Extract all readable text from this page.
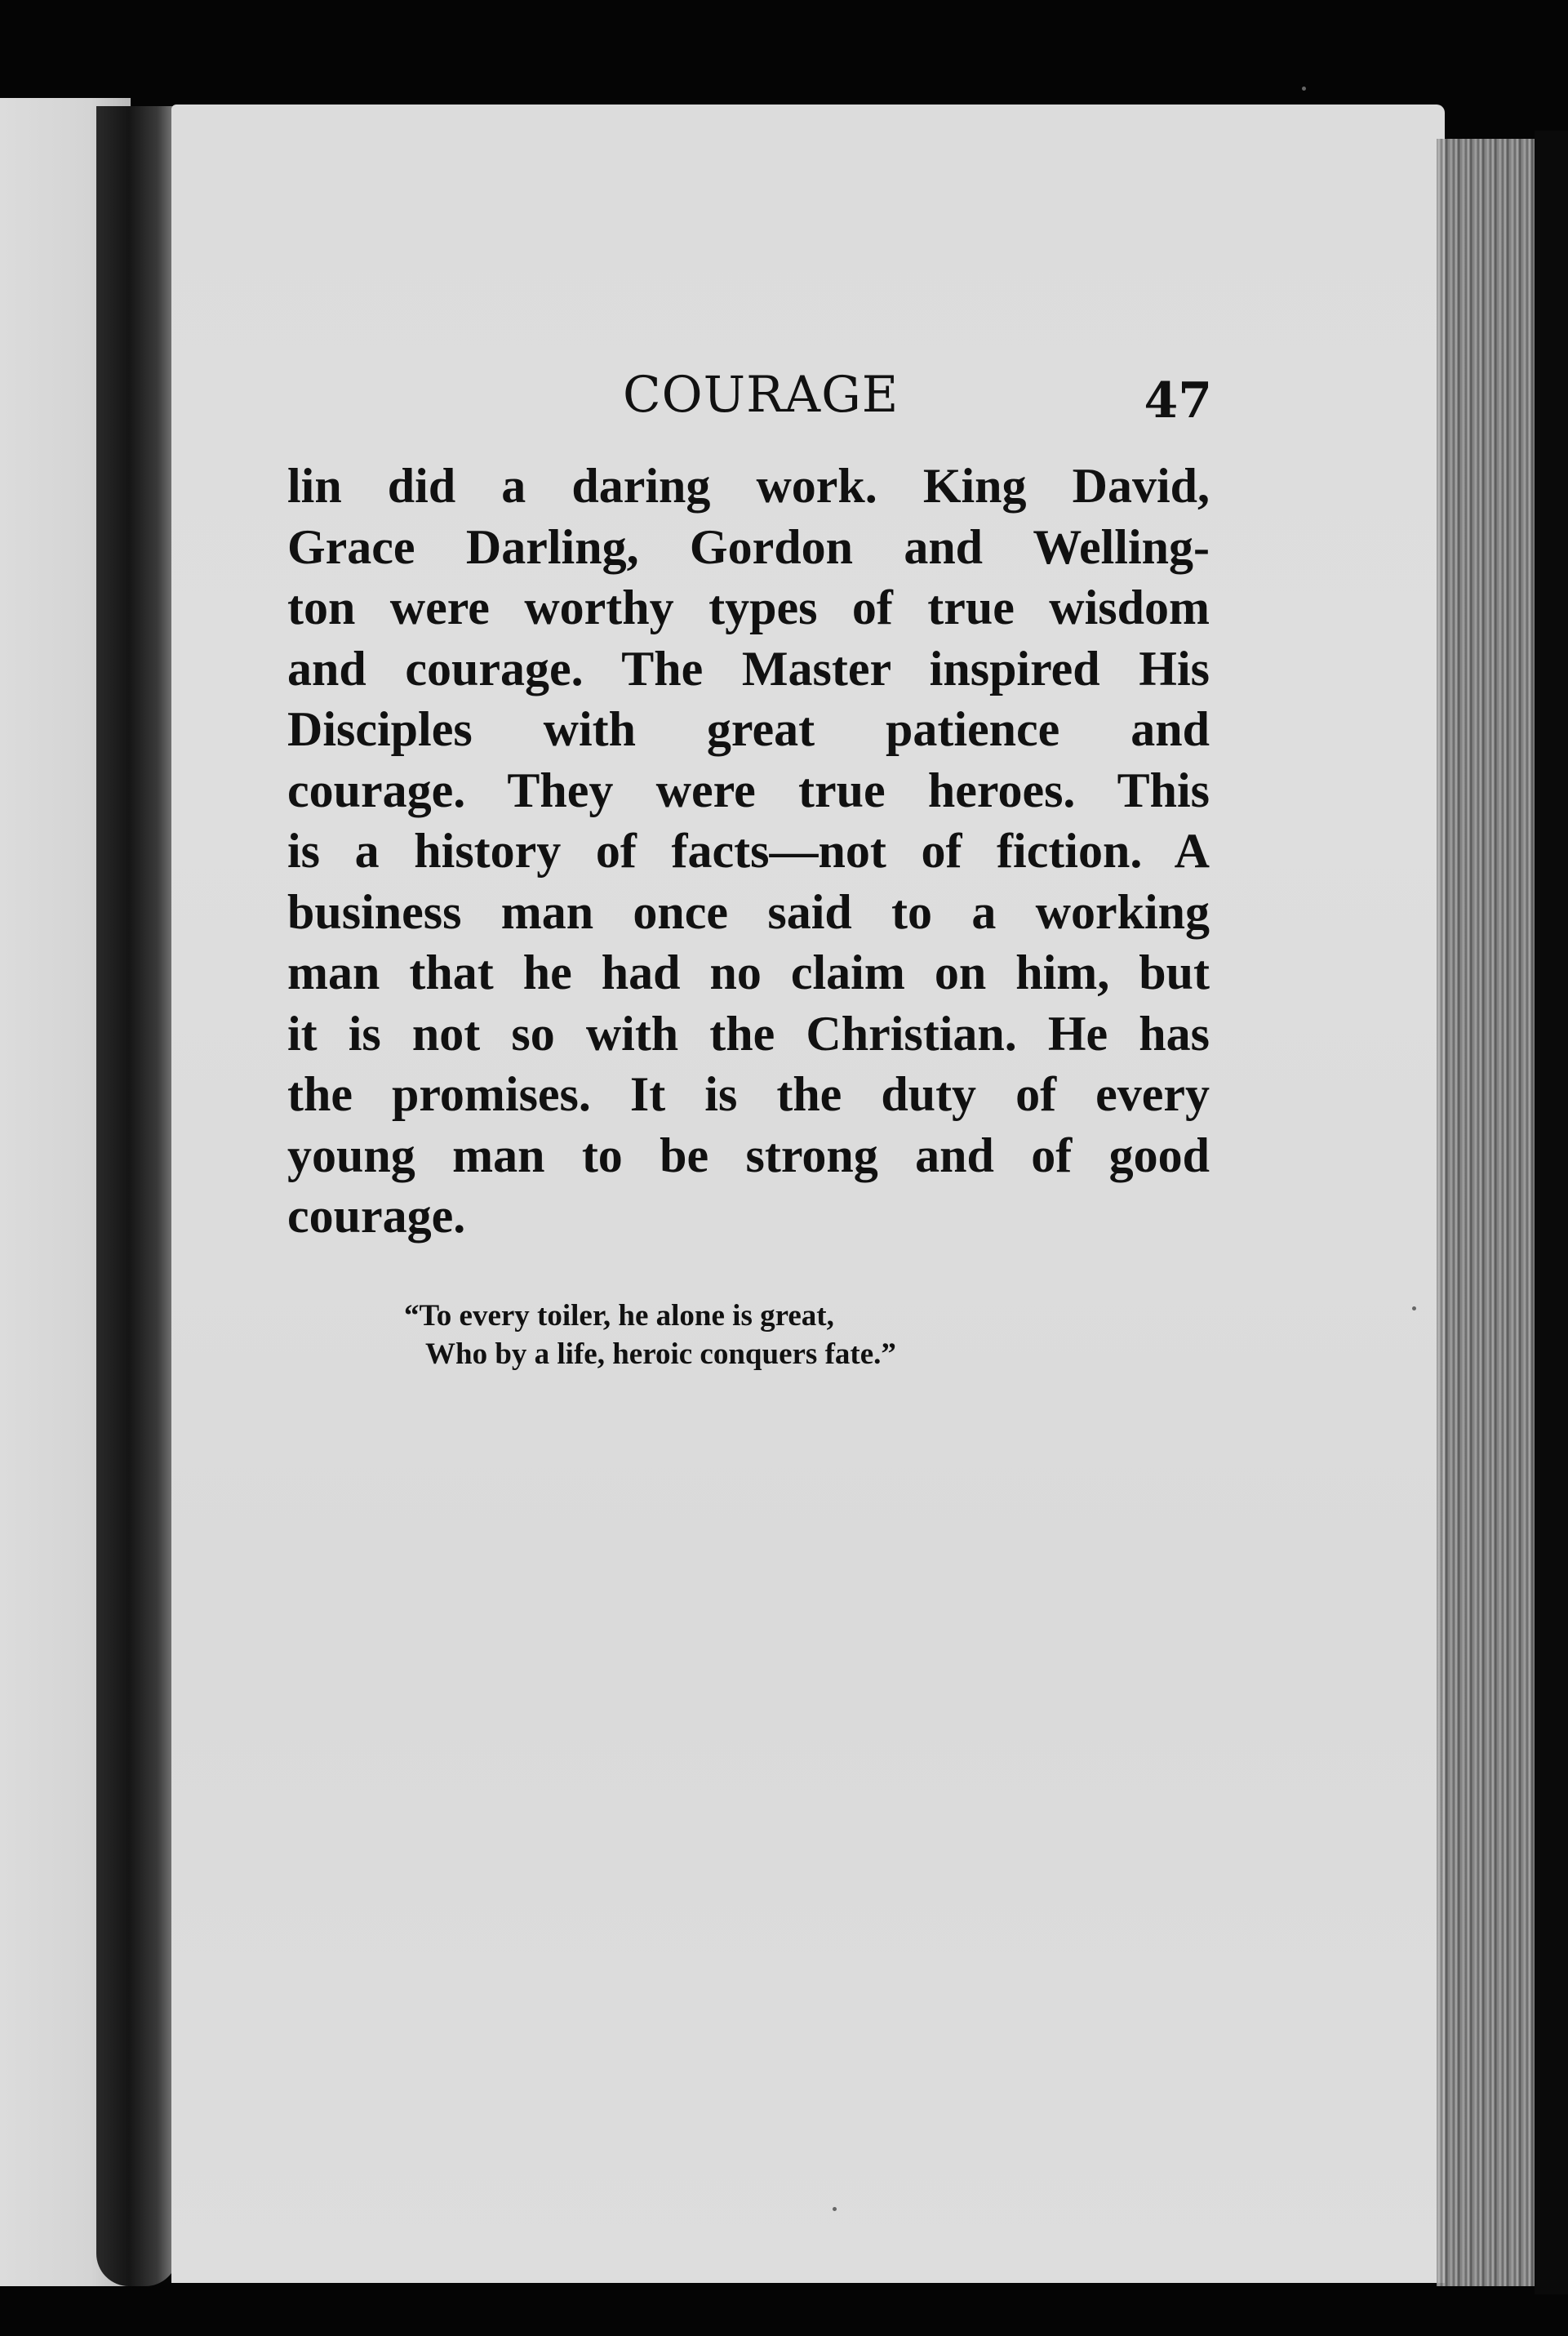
COURAGE	47
lin did a daring work. King David,
Grace Darling, Gordon and Welling-
ton were worthy types of true wisdom
and courage. The Master inspired His
Disciples with great patience and
courage. They were true heroes. This
is a history of facts—not of fiction. A
business man once said to a working
man that he had no claim on him, but
it is not so with the Christian. He has
the promises. It is the duty of every
young man to be strong and of good
courage.
“To every toiler, he alone is great,
Who by a life, heroic conquers fate.”
